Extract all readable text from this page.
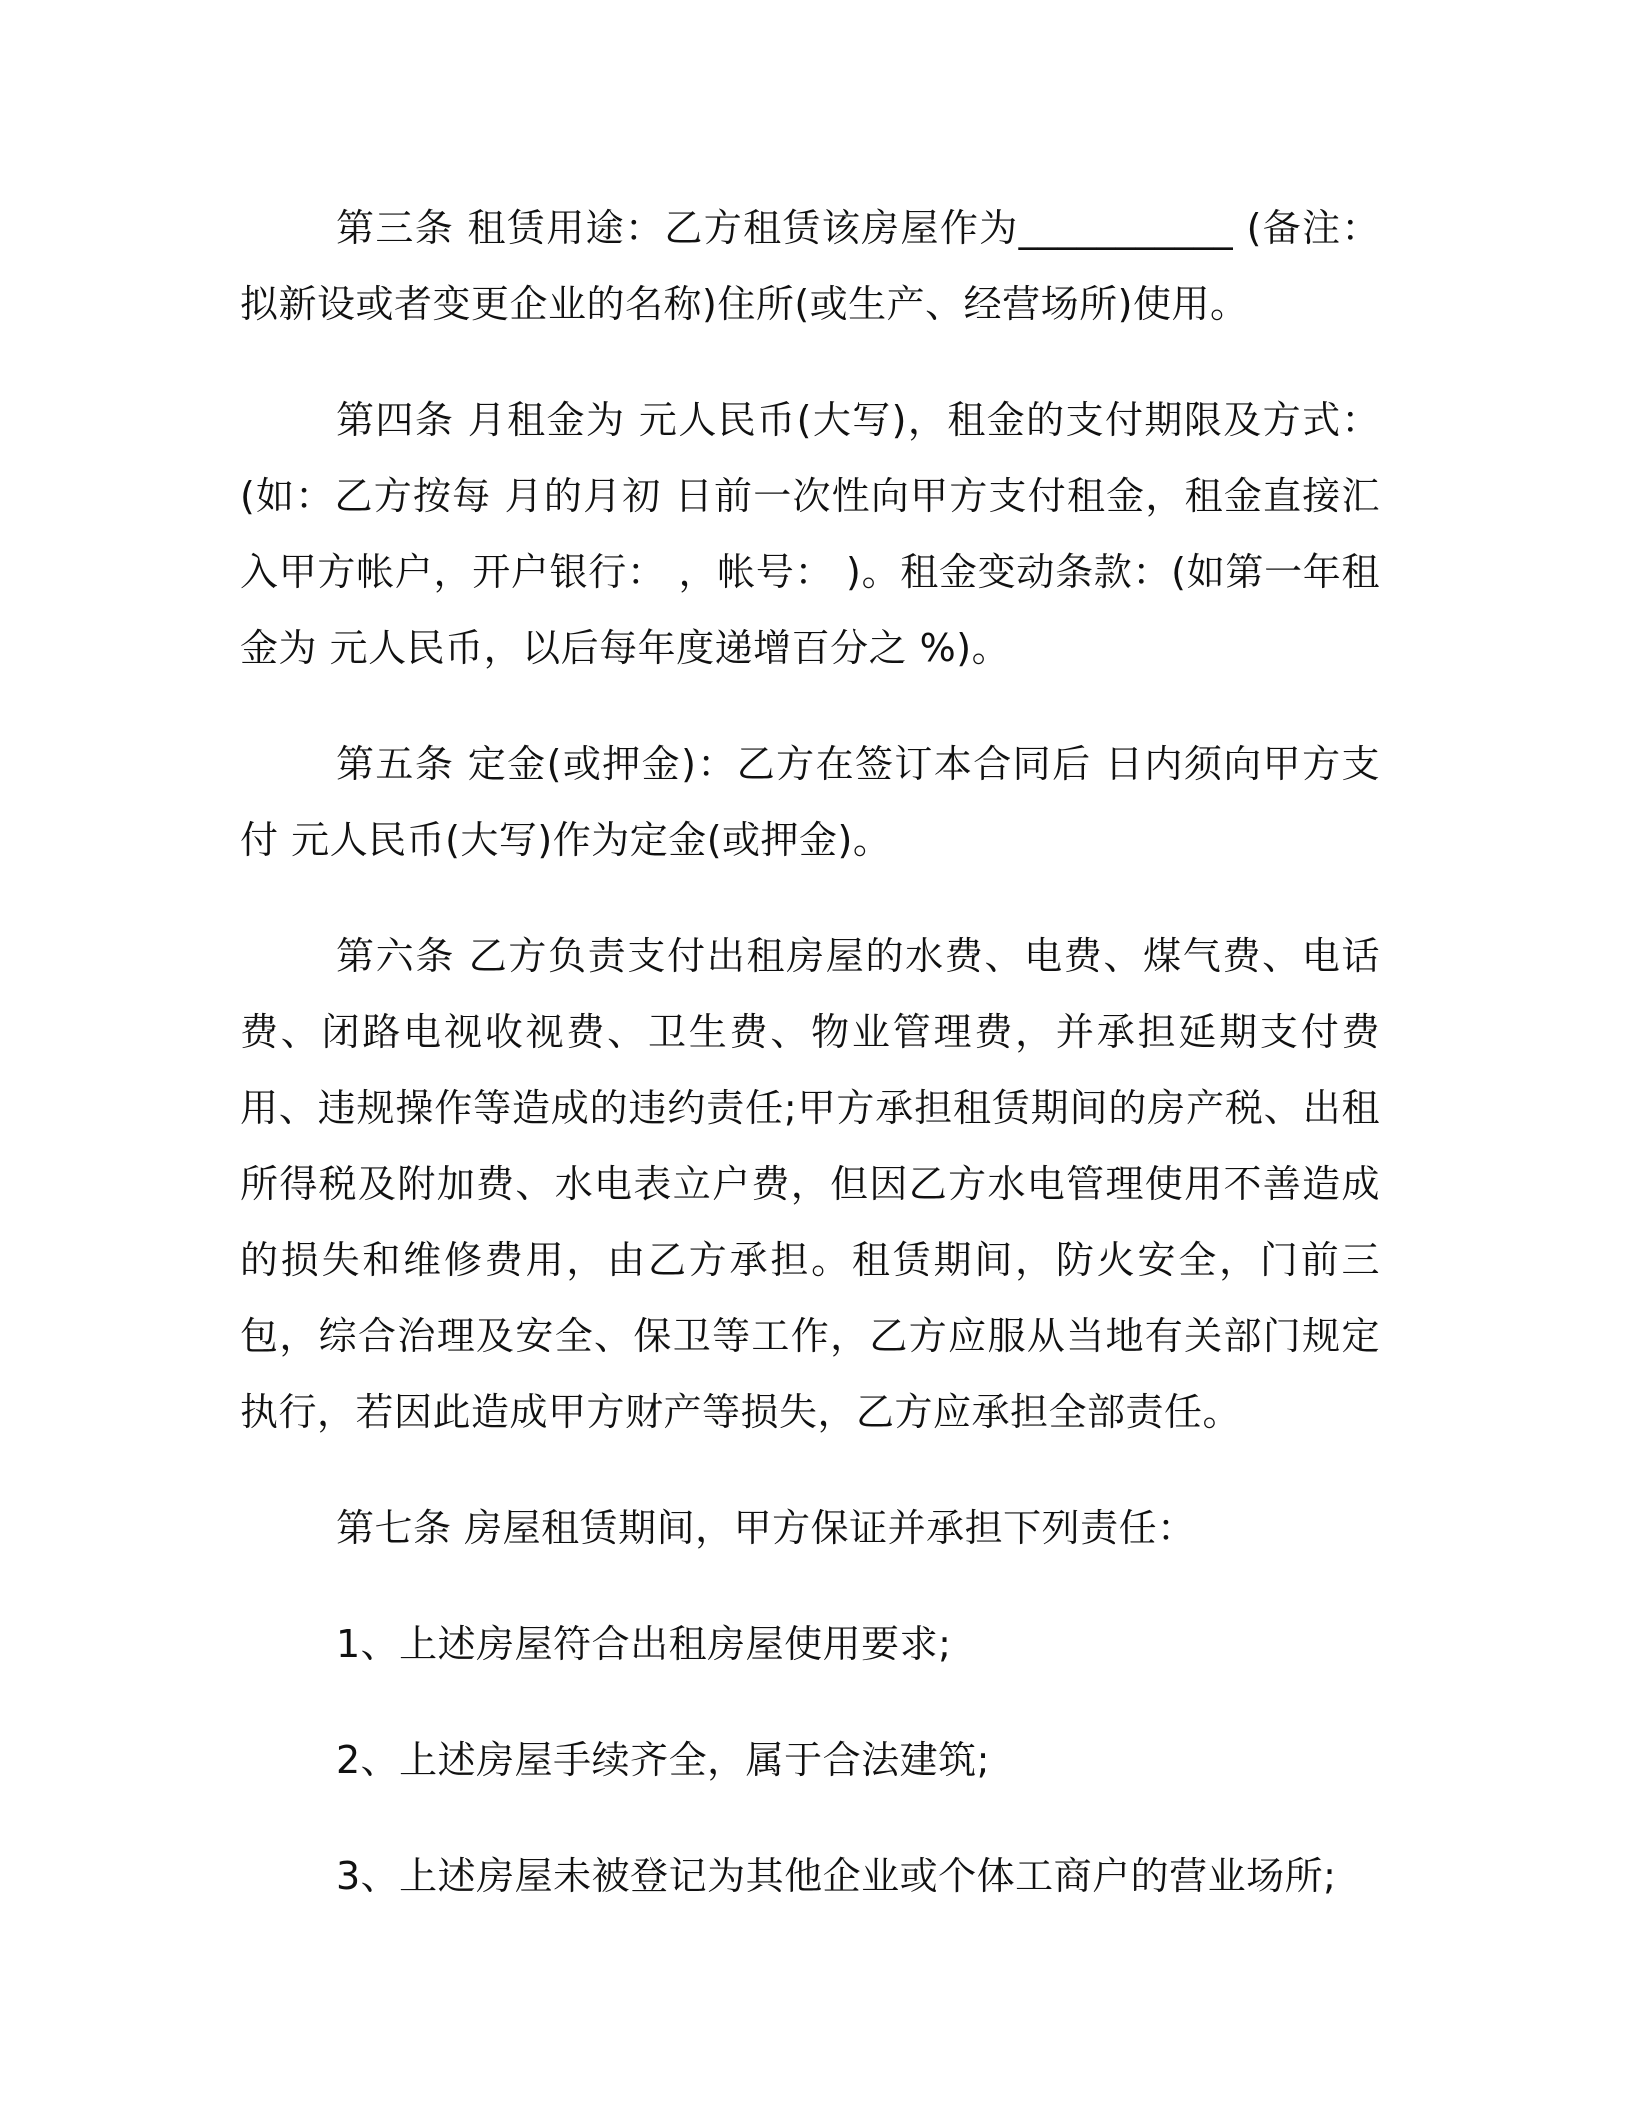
第三条 租赁用途：乙方租赁该房屋作为___________ (备注：拟新设或者变更企业的名称)住所(或生产、经营场所)使用。

第四条 月租金为 元人民币(大写)，租金的支付期限及方式：(如：乙方按每 月的月初 日前一次性向甲方支付租金，租金直接汇入甲方帐户，开户银行： ，帐号： )。租金变动条款：(如第一年租金为 元人民币，以后每年度递增百分之 %)。

第五条 定金(或押金)：乙方在签订本合同后 日内须向甲方支付 元人民币(大写)作为定金(或押金)。

第六条 乙方负责支付出租房屋的水费、电费、煤气费、电话费、闭路电视收视费、卫生费、物业管理费，并承担延期支付费用、违规操作等造成的违约责任;甲方承担租赁期间的房产税、出租所得税及附加费、水电表立户费，但因乙方水电管理使用不善造成的损失和维修费用，由乙方承担。租赁期间，防火安全，门前三包，综合治理及安全、保卫等工作，乙方应服从当地有关部门规定执行，若因此造成甲方财产等损失，乙方应承担全部责任。

第七条 房屋租赁期间，甲方保证并承担下列责任：

1、上述房屋符合出租房屋使用要求;

2、上述房屋手续齐全，属于合法建筑;

3、上述房屋未被登记为其他企业或个体工商户的营业场所;
